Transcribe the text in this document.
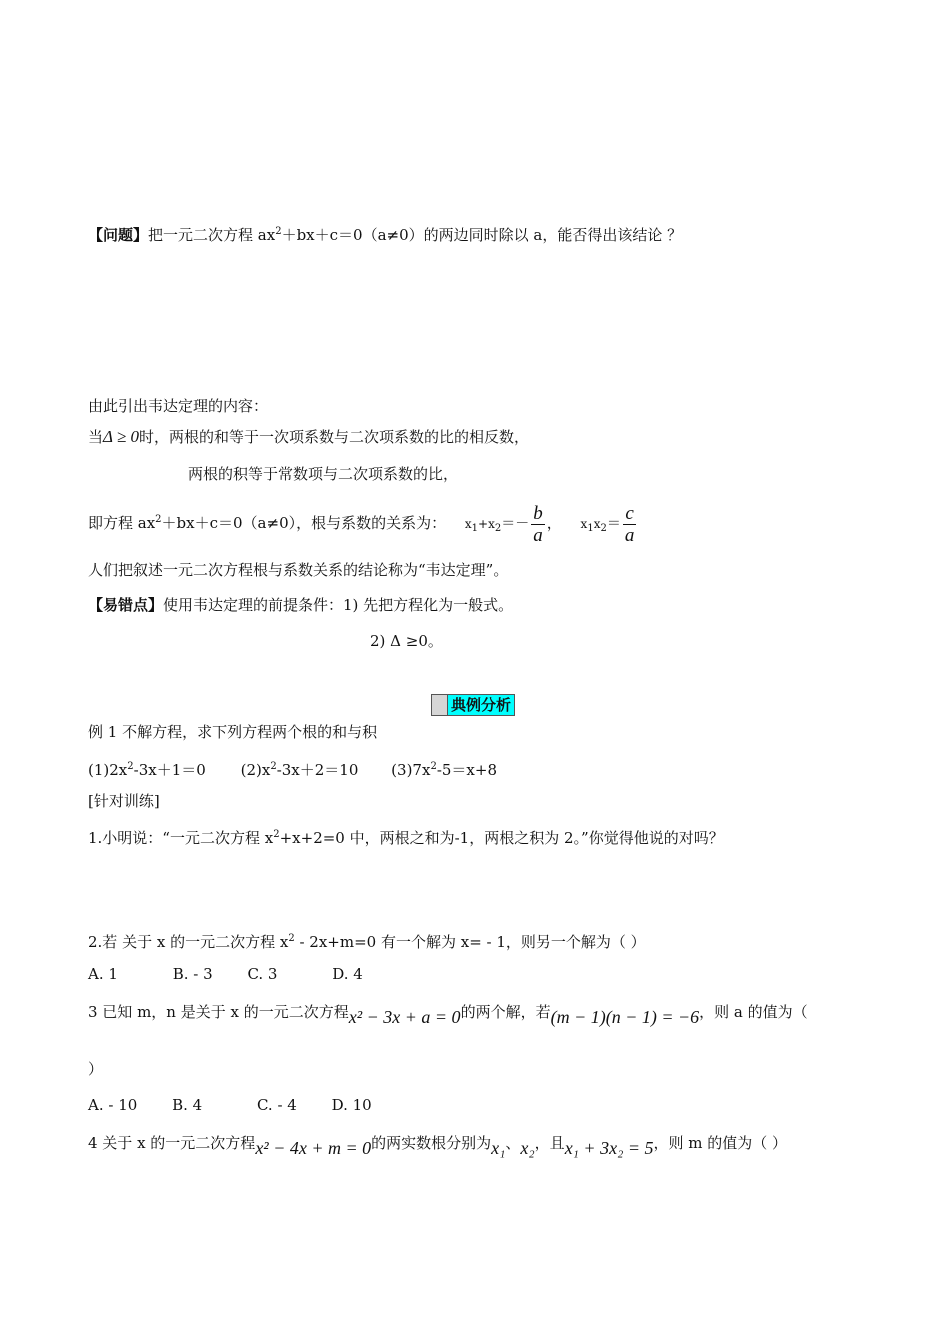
【问题】把一元二次方程 $ax^2+bx+c=0(a\ne 0)$的两边同时除以 a，能否得出该结论 ？
由此引出韦达定理的内容：
当Δ ≥ 0时，两根的和等于一次项系数与二次项系数的比的相反数，
两根的积等于常数项与二次项系数的比，
即方程 $ax^2+bx+c=0(a\ne 0)$，根与系数的关系为： $x_1+x_2=- \frac{b}{a}$ ， $x_1x_2= \frac{c}{a}$
人们把叙述一元二次方程根与系数关系的结论称为“韦达定理”。
【易错点】使用韦达定理的前提条件：1) 先把方程化为一般式。
2) Δ ≥0。
典例分析
例 1 不解方程，求下列方程两个根的和与积
$(1)2x^2-3x+1=0$ $(2)x^2-3x+2=10$ $(3)7x^2-5=x+8$
[针对训练]
1.小明说：“一元二次方程 $x^2+x+2=0$ 中，两根之和为-1，两根之积为 2。”你觉得他说的对吗？
2.若 关于 x 的一元二次方程 $x^2 - 2x+m=0$ 有一个解为 x= - 1，则另一个解为（ ）
A. 1	B. - 3 C. 3	D. 4
3 已知 m，n 是关于 x 的一元二次方程x² − 3x + a = 0的两个解，若(m − 1)(n − 1) = −6，则 a 的值为（
）
A. - 10 B. 4	C. - 4 D. 10
4 关于 x 的一元二次方程x² − 4x + m = 0的两实数根分别为x₁、x₂，且x₁ + 3x₂ = 5，则 m 的值为（ ）
